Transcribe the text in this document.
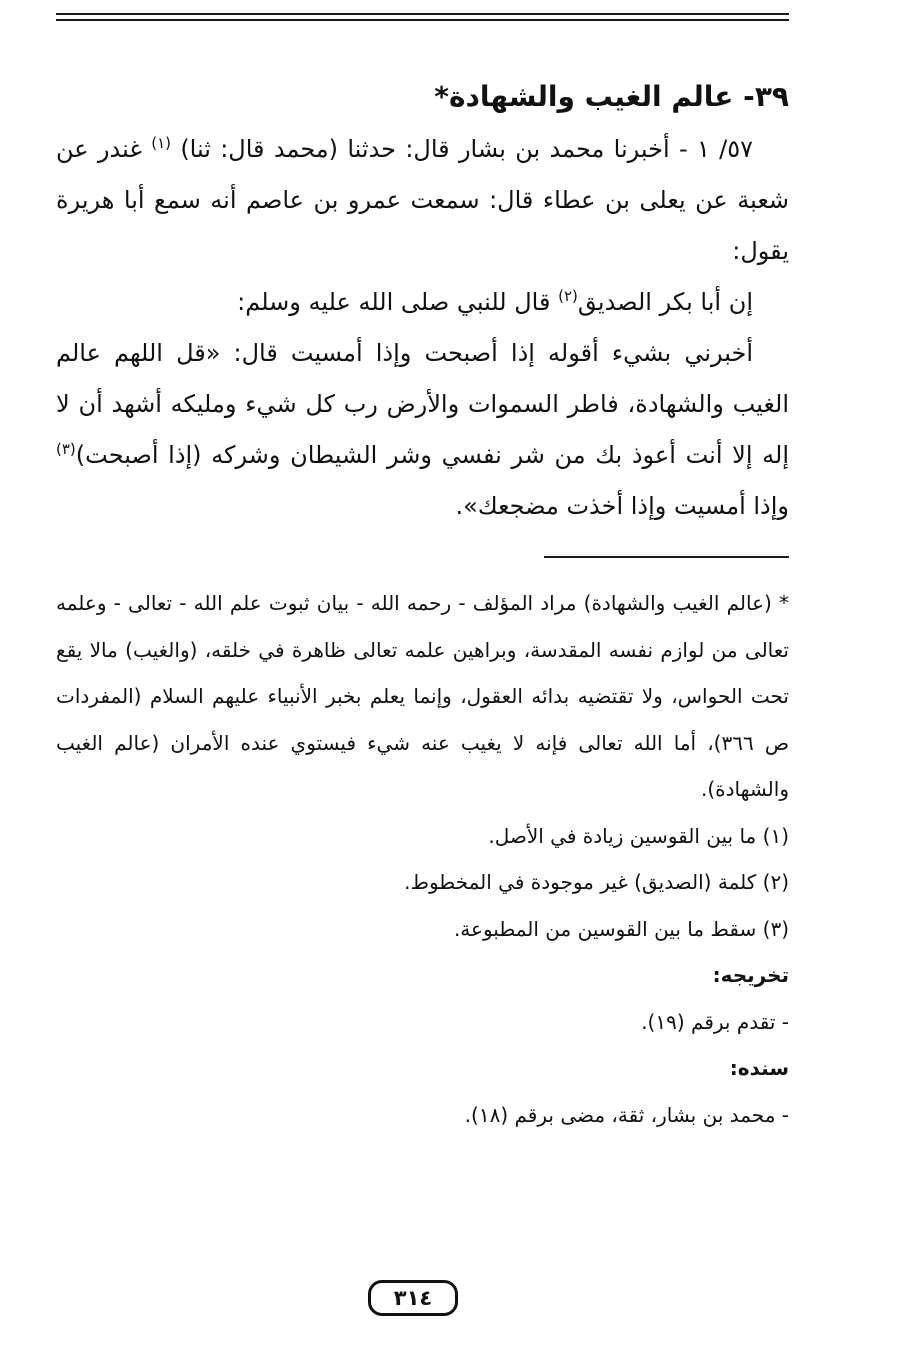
٣٩- عالم الغيب والشهادة*

٥٧/ ١ - أخبرنا محمد بن بشار قال: حدثنا (محمد قال: ثنا) $^{(١)}$ غندر عن شعبة عن يعلى بن عطاء قال: سمعت عمرو بن عاصم أنه سمع أبا هريرة يقول:

إن أبا بكر الصديق$^{(٢)}$ قال للنبي صلى الله عليه وسلم:

أخبرني بشيء أقوله إذا أصبحت وإذا أمسيت قال: «قل اللهم عالم الغيب والشهادة، فاطر السموات والأرض رب كل شيء ومليكه أشهد أن لا إله إلا أنت أعوذ بك من شر نفسي وشر الشيطان وشركه (إذا أصبحت)$^{(٣)}$ وإذا أمسيت وإذا أخذت مضجعك».

* (عالم الغيب والشهادة) مراد المؤلف - رحمه الله - بيان ثبوت علم الله - تعالى - وعلمه تعالى من لوازم نفسه المقدسة، وبراهين علمه تعالى ظاهرة في خلقه، (والغيب) مالا يقع تحت الحواس، ولا تقتضيه بدائه العقول، وإنما يعلم بخبر الأنبياء عليهم السلام (المفردات ص ٣٦٦)، أما الله تعالى فإنه لا يغيب عنه شيء فيستوي عنده الأمران (عالم الغيب والشهادة).

(١) ما بين القوسين زيادة في الأصل.

(٢) كلمة (الصديق) غير موجودة في المخطوط.

(٣) سقط ما بين القوسين من المطبوعة.

تخريجه:

- تقدم برقم (١٩).

سنده:

- محمد بن بشار، ثقة، مضى برقم (١٨).

٣١٤
